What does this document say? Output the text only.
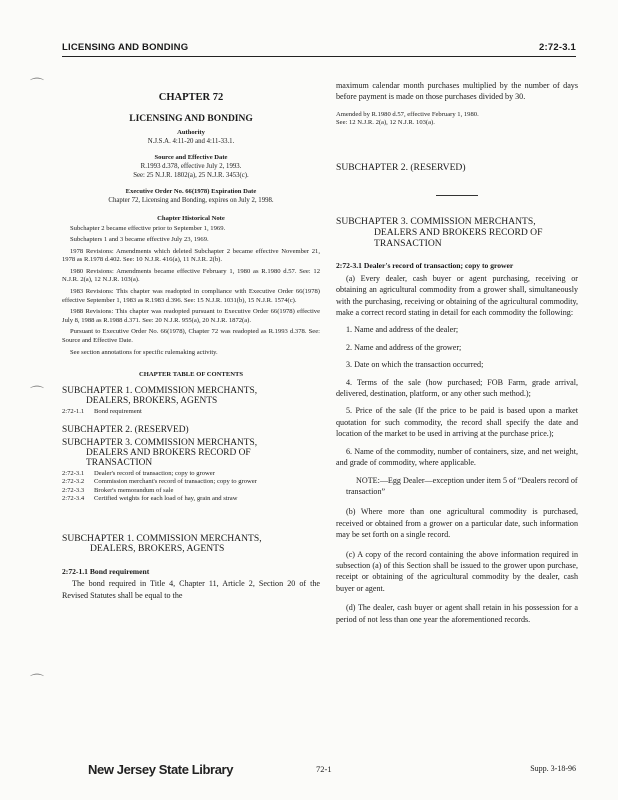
LICENSING AND BONDING	2:72-3.1
⌒
⌒
⌒
CHAPTER 72
LICENSING AND BONDING
Authority
N.J.S.A. 4:11-20 and 4:11-33.1.
Source and Effective Date
R.1993 d.378, effective July 2, 1993.
See: 25 N.J.R. 1802(a), 25 N.J.R. 3453(c).
Executive Order No. 66(1978) Expiration Date
Chapter 72, Licensing and Bonding, expires on July 2, 1998.
Chapter Historical Note

Subchapter 2 became effective prior to September 1, 1969.

Subchapters 1 and 3 became effective July 23, 1969.

1978 Revisions: Amendments which deleted Subchapter 2 became effective November 21, 1978 as R.1978 d.402. See: 10 N.J.R. 416(a), 11 N.J.R. 2(b).

1980 Revisions: Amendments became effective February 1, 1980 as R.1980 d.57. See: 12 N.J.R. 2(a), 12 N.J.R. 103(a).

1983 Revisions: This chapter was readopted in compliance with Executive Order 66(1978) effective September 1, 1983 as R.1983 d.396. See: 15 N.J.R. 1031(b), 15 N.J.R. 1574(c).

1988 Revisions: This chapter was readopted pursuant to Executive Order 66(1978) effective July 8, 1988 as R.1988 d.371. See: 20 N.J.R. 955(a), 20 N.J.R. 1872(a).

Pursuant to Executive Order No. 66(1978), Chapter 72 was readopted as R.1993 d.378. See: Source and Effective Date.

See section annotations for specific rulemaking activity.

CHAPTER TABLE OF CONTENTS
SUBCHAPTER 1. COMMISSION MERCHANTS,
DEALERS, BROKERS, AGENTS
2:72-1.1	Bond requirement
SUBCHAPTER 2. (RESERVED)
SUBCHAPTER 3. COMMISSION MERCHANTS,
DEALERS AND BROKERS RECORD OF
TRANSACTION
2:72-3.1	Dealer's record of transaction; copy to grower
2:72-3.2	Commission merchant's record of transaction; copy to grower
2:72-3.3	Broker's memorandum of sale
2:72-3.4	Certified weights for each load of hay, grain and straw
SUBCHAPTER 1. COMMISSION MERCHANTS,
DEALERS, BROKERS, AGENTS
2:72-1.1 Bond requirement

The bond required in Title 4, Chapter 11, Article 2, Section 20 of the Revised Statutes shall be equal to the

maximum calendar month purchases multiplied by the number of days before payment is made on those purchases divided by 30.

Amended by R.1980 d.57, effective February 1, 1980.
See: 12 N.J.R. 2(a), 12 N.J.R. 103(a).
SUBCHAPTER 2. (RESERVED)
SUBCHAPTER 3. COMMISSION MERCHANTS,
DEALERS AND BROKERS RECORD OF
TRANSACTION
2:72-3.1 Dealer's record of transaction; copy to grower

(a) Every dealer, cash buyer or agent purchasing, receiving or obtaining an agricultural commodity from a grower shall, simultaneously with the purchasing, receiving or obtaining of the agricultural commodity, make a correct record stating in detail for each commodity the following:

1. Name and address of the dealer;

2. Name and address of the grower;

3. Date on which the transaction occurred;

4. Terms of the sale (how purchased; FOB Farm, grade arrival, delivered, destination, platform, or any other such method.);

5. Price of the sale (If the price to be paid is based upon a market quotation for such commodity, the record shall specify the date and location of the market to be used in arriving at the purchase price.);

6. Name of the commodity, number of containers, size, and net weight, and grade of commodity, where applicable.

NOTE:—Egg Dealer—exception under item 5 of “Dealers record of transaction”

(b) Where more than one agricultural commodity is purchased, received or obtained from a grower on a particular date, such information may be set forth on a single record.

(c) A copy of the record containing the above information required in subsection (a) of this Section shall be issued to the grower upon purchase, receipt or obtaining of the agricultural commodity by the dealer, cash buyer or agent.

(d) The dealer, cash buyer or agent shall retain in his possession for a period of not less than one year the aforementioned records.

New Jersey State Library	72-1	Supp. 3-18-96
